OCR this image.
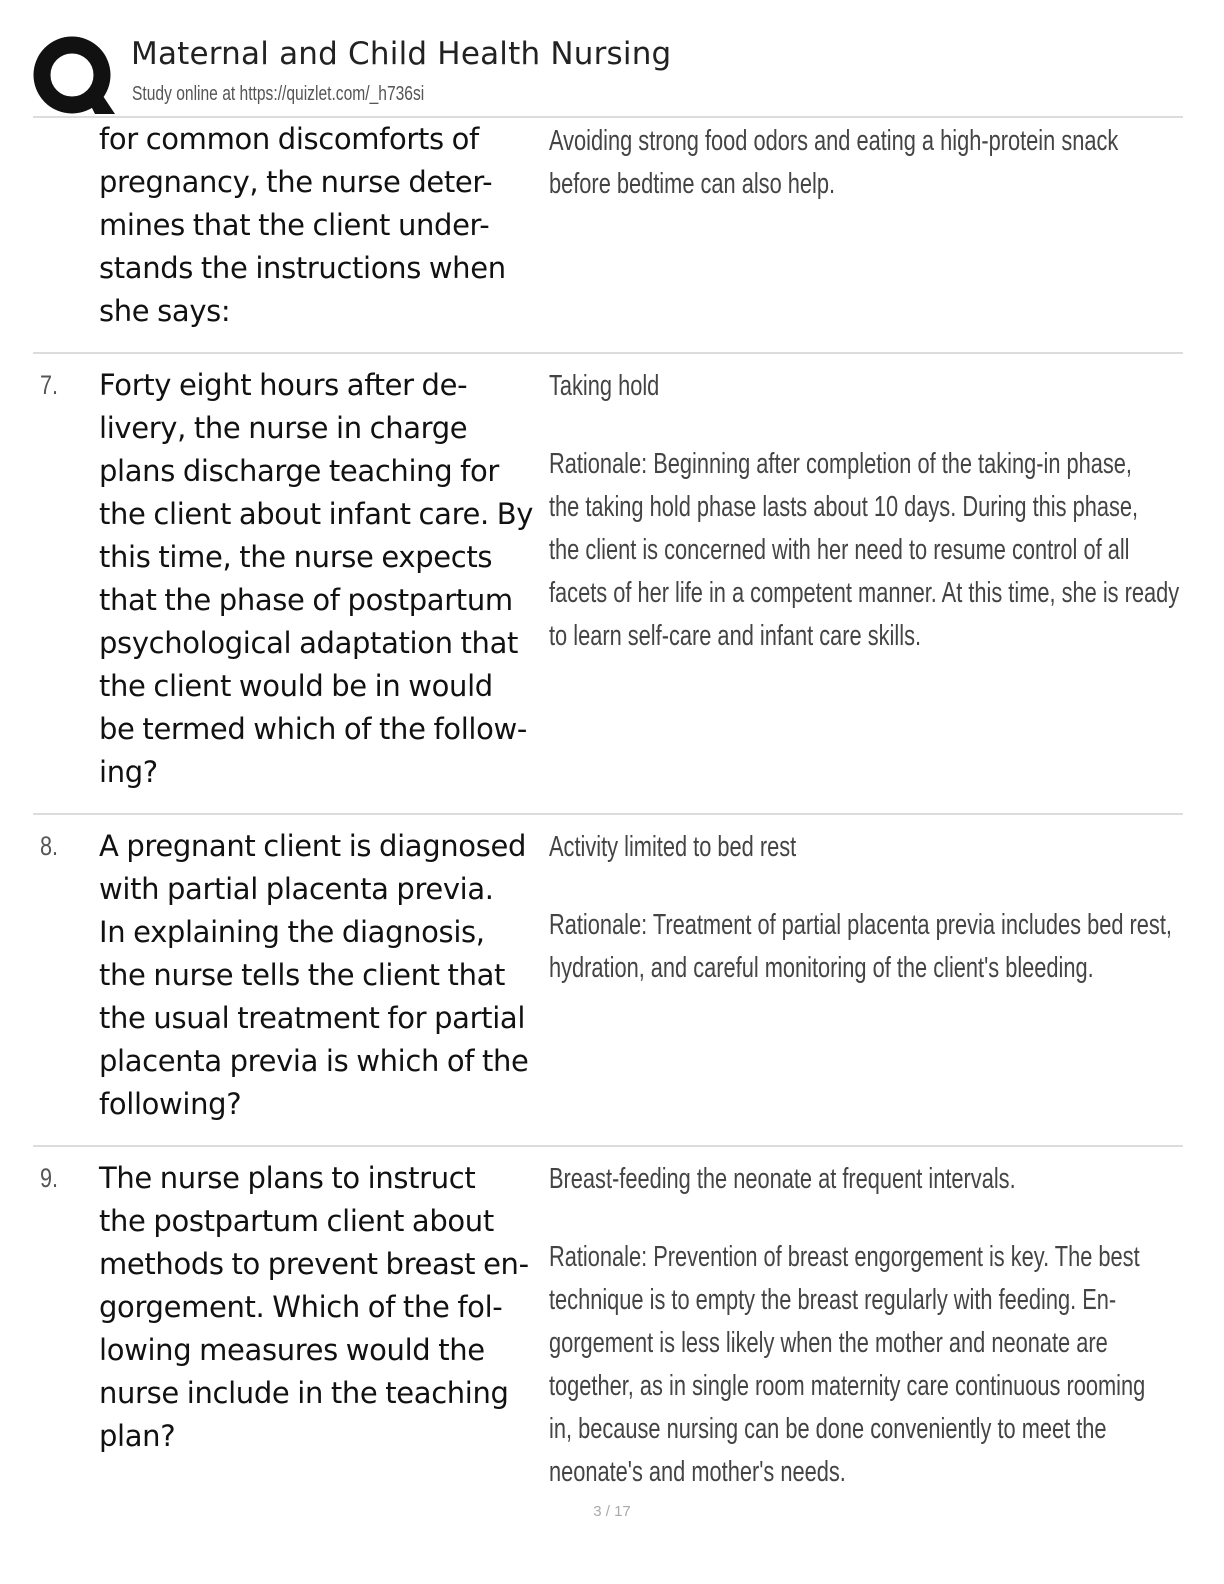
Maternal and Child Health Nursing
Study online at https://quizlet.com/_h736si

for common discomforts of

pregnancy, the nurse deter-

mines that the client under-

stands the instructions when

she says:

Avoiding strong food odors and eating a high-protein snack

before bedtime can also help.

7. Forty eight hours after de-

livery, the nurse in charge

plans discharge teaching for

the client about infant care. By

this time, the nurse expects

that the phase of postpartum

psychological adaptation that

the client would be in would

be termed which of the follow-

ing?

Taking hold

Rationale: Beginning after completion of the taking-in phase,

the taking hold phase lasts about 10 days. During this phase,

the client is concerned with her need to resume control of all

facets of her life in a competent manner. At this time, she is ready

to learn self-care and infant care skills.

8. A pregnant client is diagnosed

with partial placenta previa.

In explaining the diagnosis,

the nurse tells the client that

the usual treatment for partial

placenta previa is which of the

following?

Activity limited to bed rest

Rationale: Treatment of partial placenta previa includes bed rest,

hydration, and careful monitoring of the client's bleeding.

9. The nurse plans to instruct

the postpartum client about

methods to prevent breast en-

gorgement. Which of the fol-

lowing measures would the

nurse include in the teaching

plan?

Breast-feeding the neonate at frequent intervals.

Rationale: Prevention of breast engorgement is key. The best

technique is to empty the breast regularly with feeding. En-

gorgement is less likely when the mother and neonate are

together, as in single room maternity care continuous rooming

in, because nursing can be done conveniently to meet the

neonate's and mother's needs.

3 / 17
